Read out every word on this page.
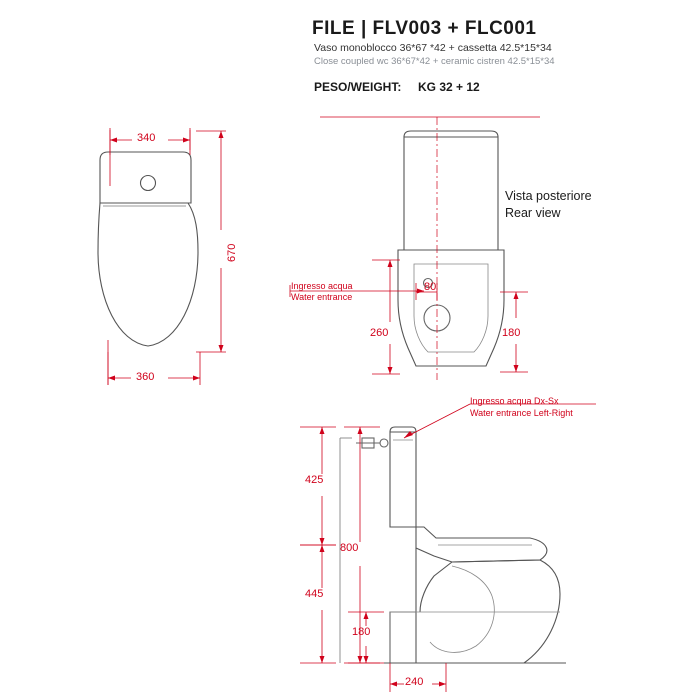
FILE | FLV003 + FLC001
Vaso monoblocco 36*67 *42 + cassetta 42.5*15*34
Close coupled wc 36*67*42 + ceramic cistren 42.5*15*34
PESO/WEIGHT: KG 32 + 12
340
670
360
Vista posteriore
Rear view
Ingresso acqua
Water entrance
80
260	180
Ingresso acqua Dx-Sx
Water entrance Left-Right
425
800
445
180
240
